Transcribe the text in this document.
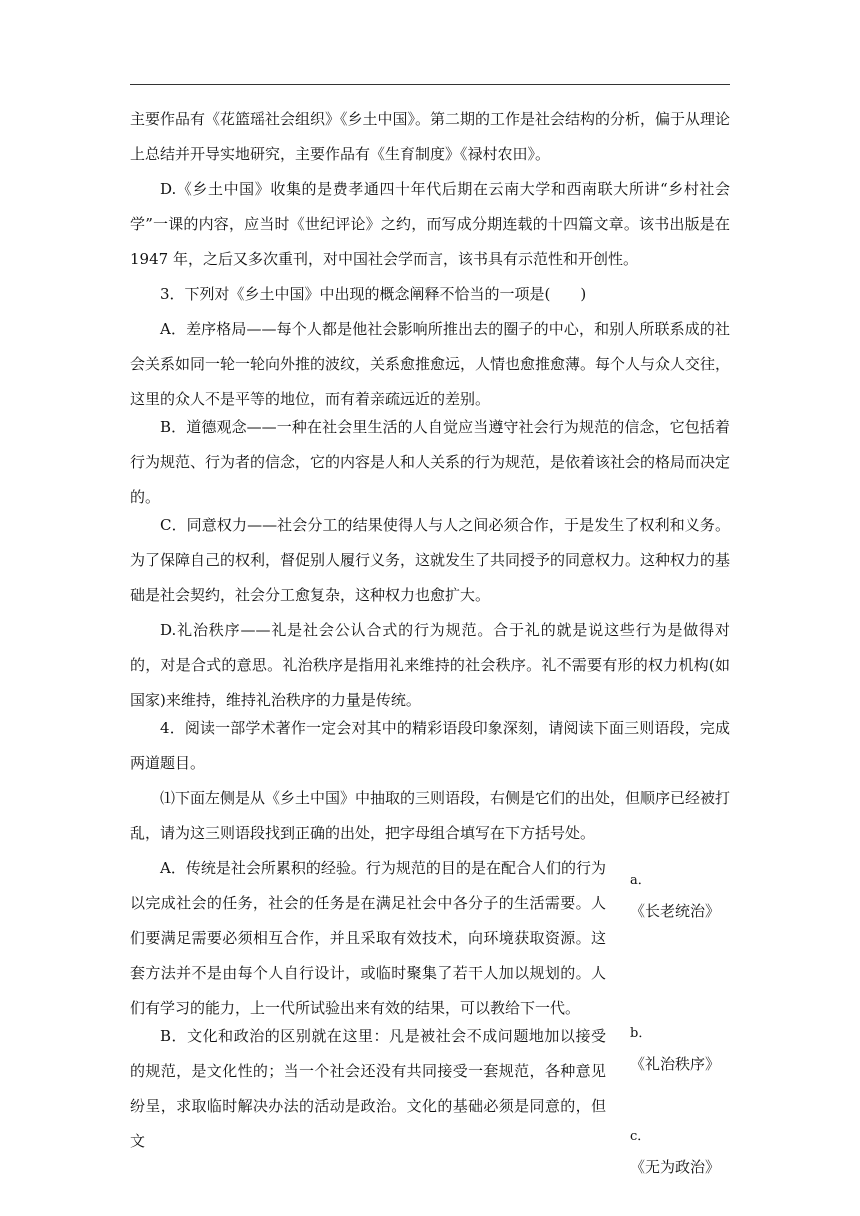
主要作品有《花篮瑶社会组织》《乡土中国》。第二期的工作是社会结构的分析，偏于从理论上总结并开导实地研究，主要作品有《生育制度》《禄村农田》。

D.《乡土中国》收集的是费孝通四十年代后期在云南大学和西南联大所讲“乡村社会学”一课的内容，应当时《世纪评论》之约，而写成分期连载的十四篇文章。该书出版是在 1947 年，之后又多次重刊，对中国社会学而言，该书具有示范性和开创性。

3．下列对《乡土中国》中出现的概念阐释不恰当的一项是(　　)

A．差序格局——每个人都是他社会影响所推出去的圈子的中心，和别人所联系成的社会关系如同一轮一轮向外推的波纹，关系愈推愈远，人情也愈推愈薄。每个人与众人交往，这里的众人不是平等的地位，而有着亲疏远近的差别。

B．道德观念——一种在社会里生活的人自觉应当遵守社会行为规范的信念，它包括着行为规范、行为者的信念，它的内容是人和人关系的行为规范，是依着该社会的格局而决定的。

C．同意权力——社会分工的结果使得人与人之间必须合作，于是发生了权利和义务。为了保障自己的权利，督促别人履行义务，这就发生了共同授予的同意权力。这种权力的基础是社会契约，社会分工愈复杂，这种权力也愈扩大。

D.礼治秩序——礼是社会公认合式的行为规范。合于礼的就是说这些行为是做得对的，对是合式的意思。礼治秩序是指用礼来维持的社会秩序。礼不需要有形的权力机构(如国家)来维持，维持礼治秩序的力量是传统。

4．阅读一部学术著作一定会对其中的精彩语段印象深刻，请阅读下面三则语段，完成两道题目。

⑴下面左侧是从《乡土中国》中抽取的三则语段，右侧是它们的出处，但顺序已经被打乱，请为这三则语段找到正确的出处，把字母组合填写在下方括号处。

A．传统是社会所累积的经验。行为规范的目的是在配合人们的行为以完成社会的任务，社会的任务是在满足社会中各分子的生活需要。人们要满足需要必须相互合作，并且采取有效技术，向环境获取资源。这套方法并不是由每个人自行设计，或临时聚集了若干人加以规划的。人们有学习的能力，上一代所试验出来有效的结果，可以教给下一代。

B．文化和政治的区别就在这里：凡是被社会不成问题地加以接受的规范，是文化性的；当一个社会还没有共同接受一套规范，各种意见纷呈，求取临时解决办法的活动是政治。文化的基础必须是同意的，但文

a．
《长老统治》
b．
《礼治秩序》
c．
《无为政治》
